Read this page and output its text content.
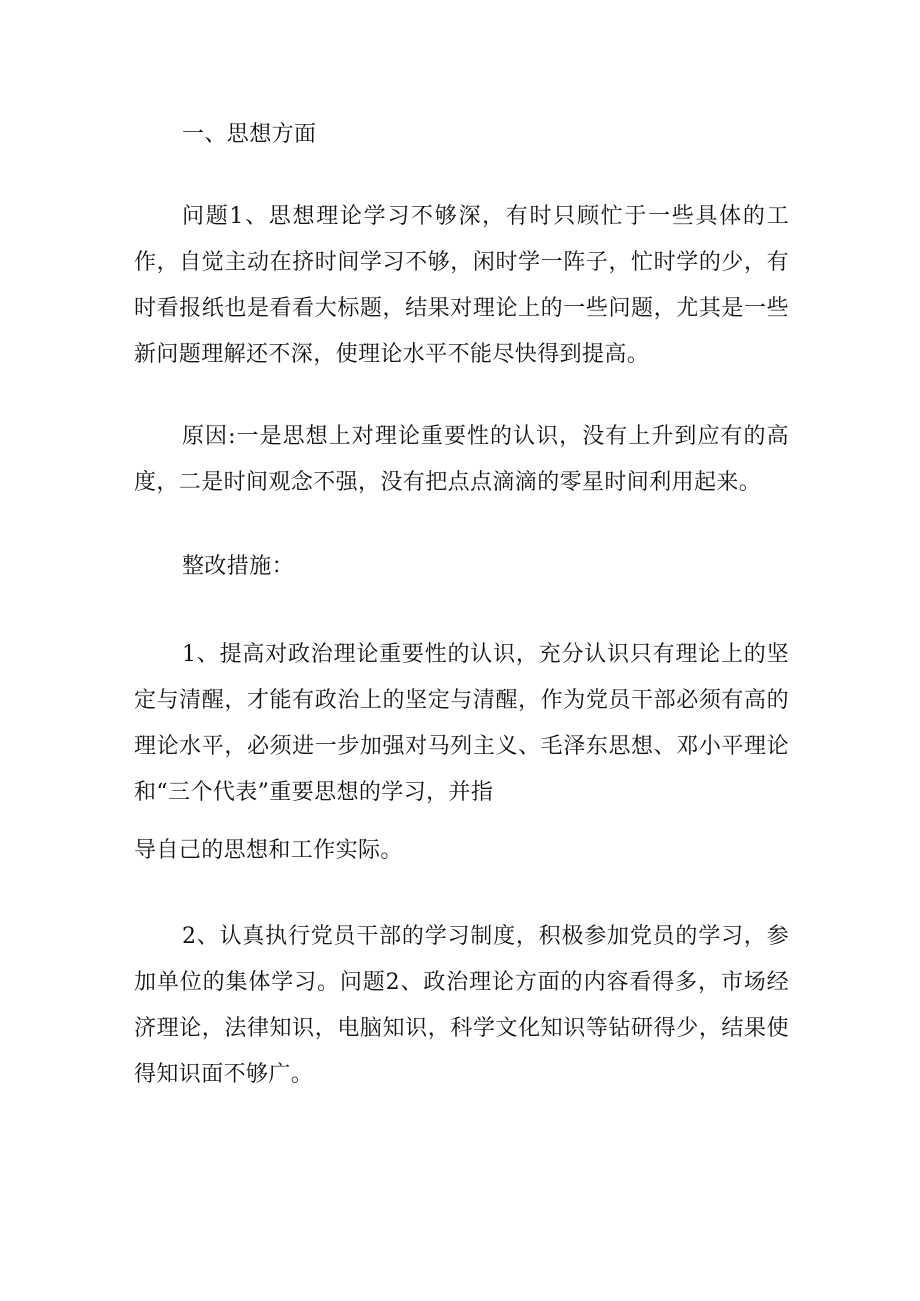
一、思想方面

问题1、思想理论学习不够深，有时只顾忙于一些具体的工作，自觉主动在挤时间学习不够，闲时学一阵子，忙时学的少，有时看报纸也是看看大标题，结果对理论上的一些问题，尤其是一些新问题理解还不深，使理论水平不能尽快得到提高。

原因:一是思想上对理论重要性的认识，没有上升到应有的高度，二是时间观念不强，没有把点点滴滴的零星时间利用起来。

整改措施：

1、提高对政治理论重要性的认识，充分认识只有理论上的坚定与清醒，才能有政治上的坚定与清醒，作为党员干部必须有高的理论水平，必须进一步加强对马列主义、毛泽东思想、邓小平理论和“三个代表”重要思想的学习，并指

导自己的思想和工作实际。

2、认真执行党员干部的学习制度，积极参加党员的学习，参加单位的集体学习。问题2、政治理论方面的内容看得多，市场经济理论，法律知识，电脑知识，科学文化知识等钻研得少，结果使得知识面不够广。
